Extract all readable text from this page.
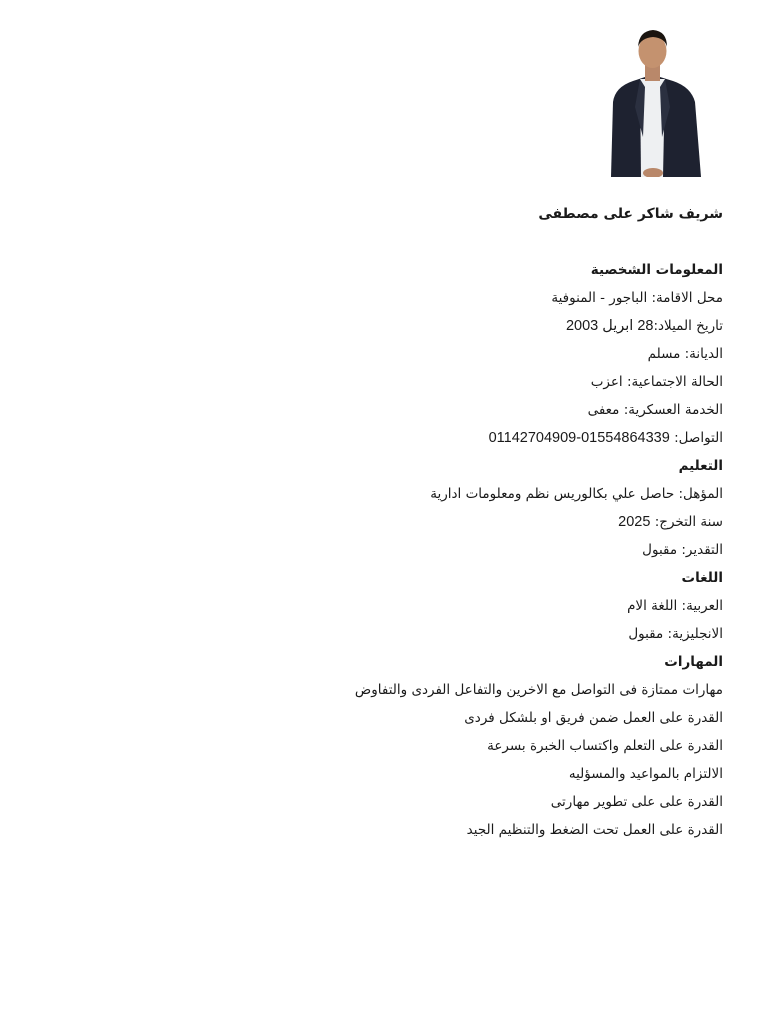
شريف شاكر على مصطفى

المعلومات الشخصية

محل الاقامة: الباجور - المنوفية

تاريخ الميلاد:28 ابريل 2003

الديانة: مسلم

الحالة الاجتماعية: اعزب

الخدمة العسكرية: معفى

التواصل: 01554864339-01142704909

التعليم

المؤهل: حاصل علي بكالوريس نظم ومعلومات ادارية

سنة التخرج: 2025

التقدير: مقبول

اللغات

العربية: اللغة الام

الانجليزية: مقبول

المهارات

مهارات ممتازة فى التواصل مع الاخرين والتفاعل الفردى والتفاوض

القدرة على العمل ضمن فريق او بلشكل فردى

القدرة على التعلم واكتساب الخبرة بسرعة

الالتزام بالمواعيد والمسؤليه

القدرة على على تطوير مهارتى

القدرة على العمل تحت الضغط والتنظيم الجيد
